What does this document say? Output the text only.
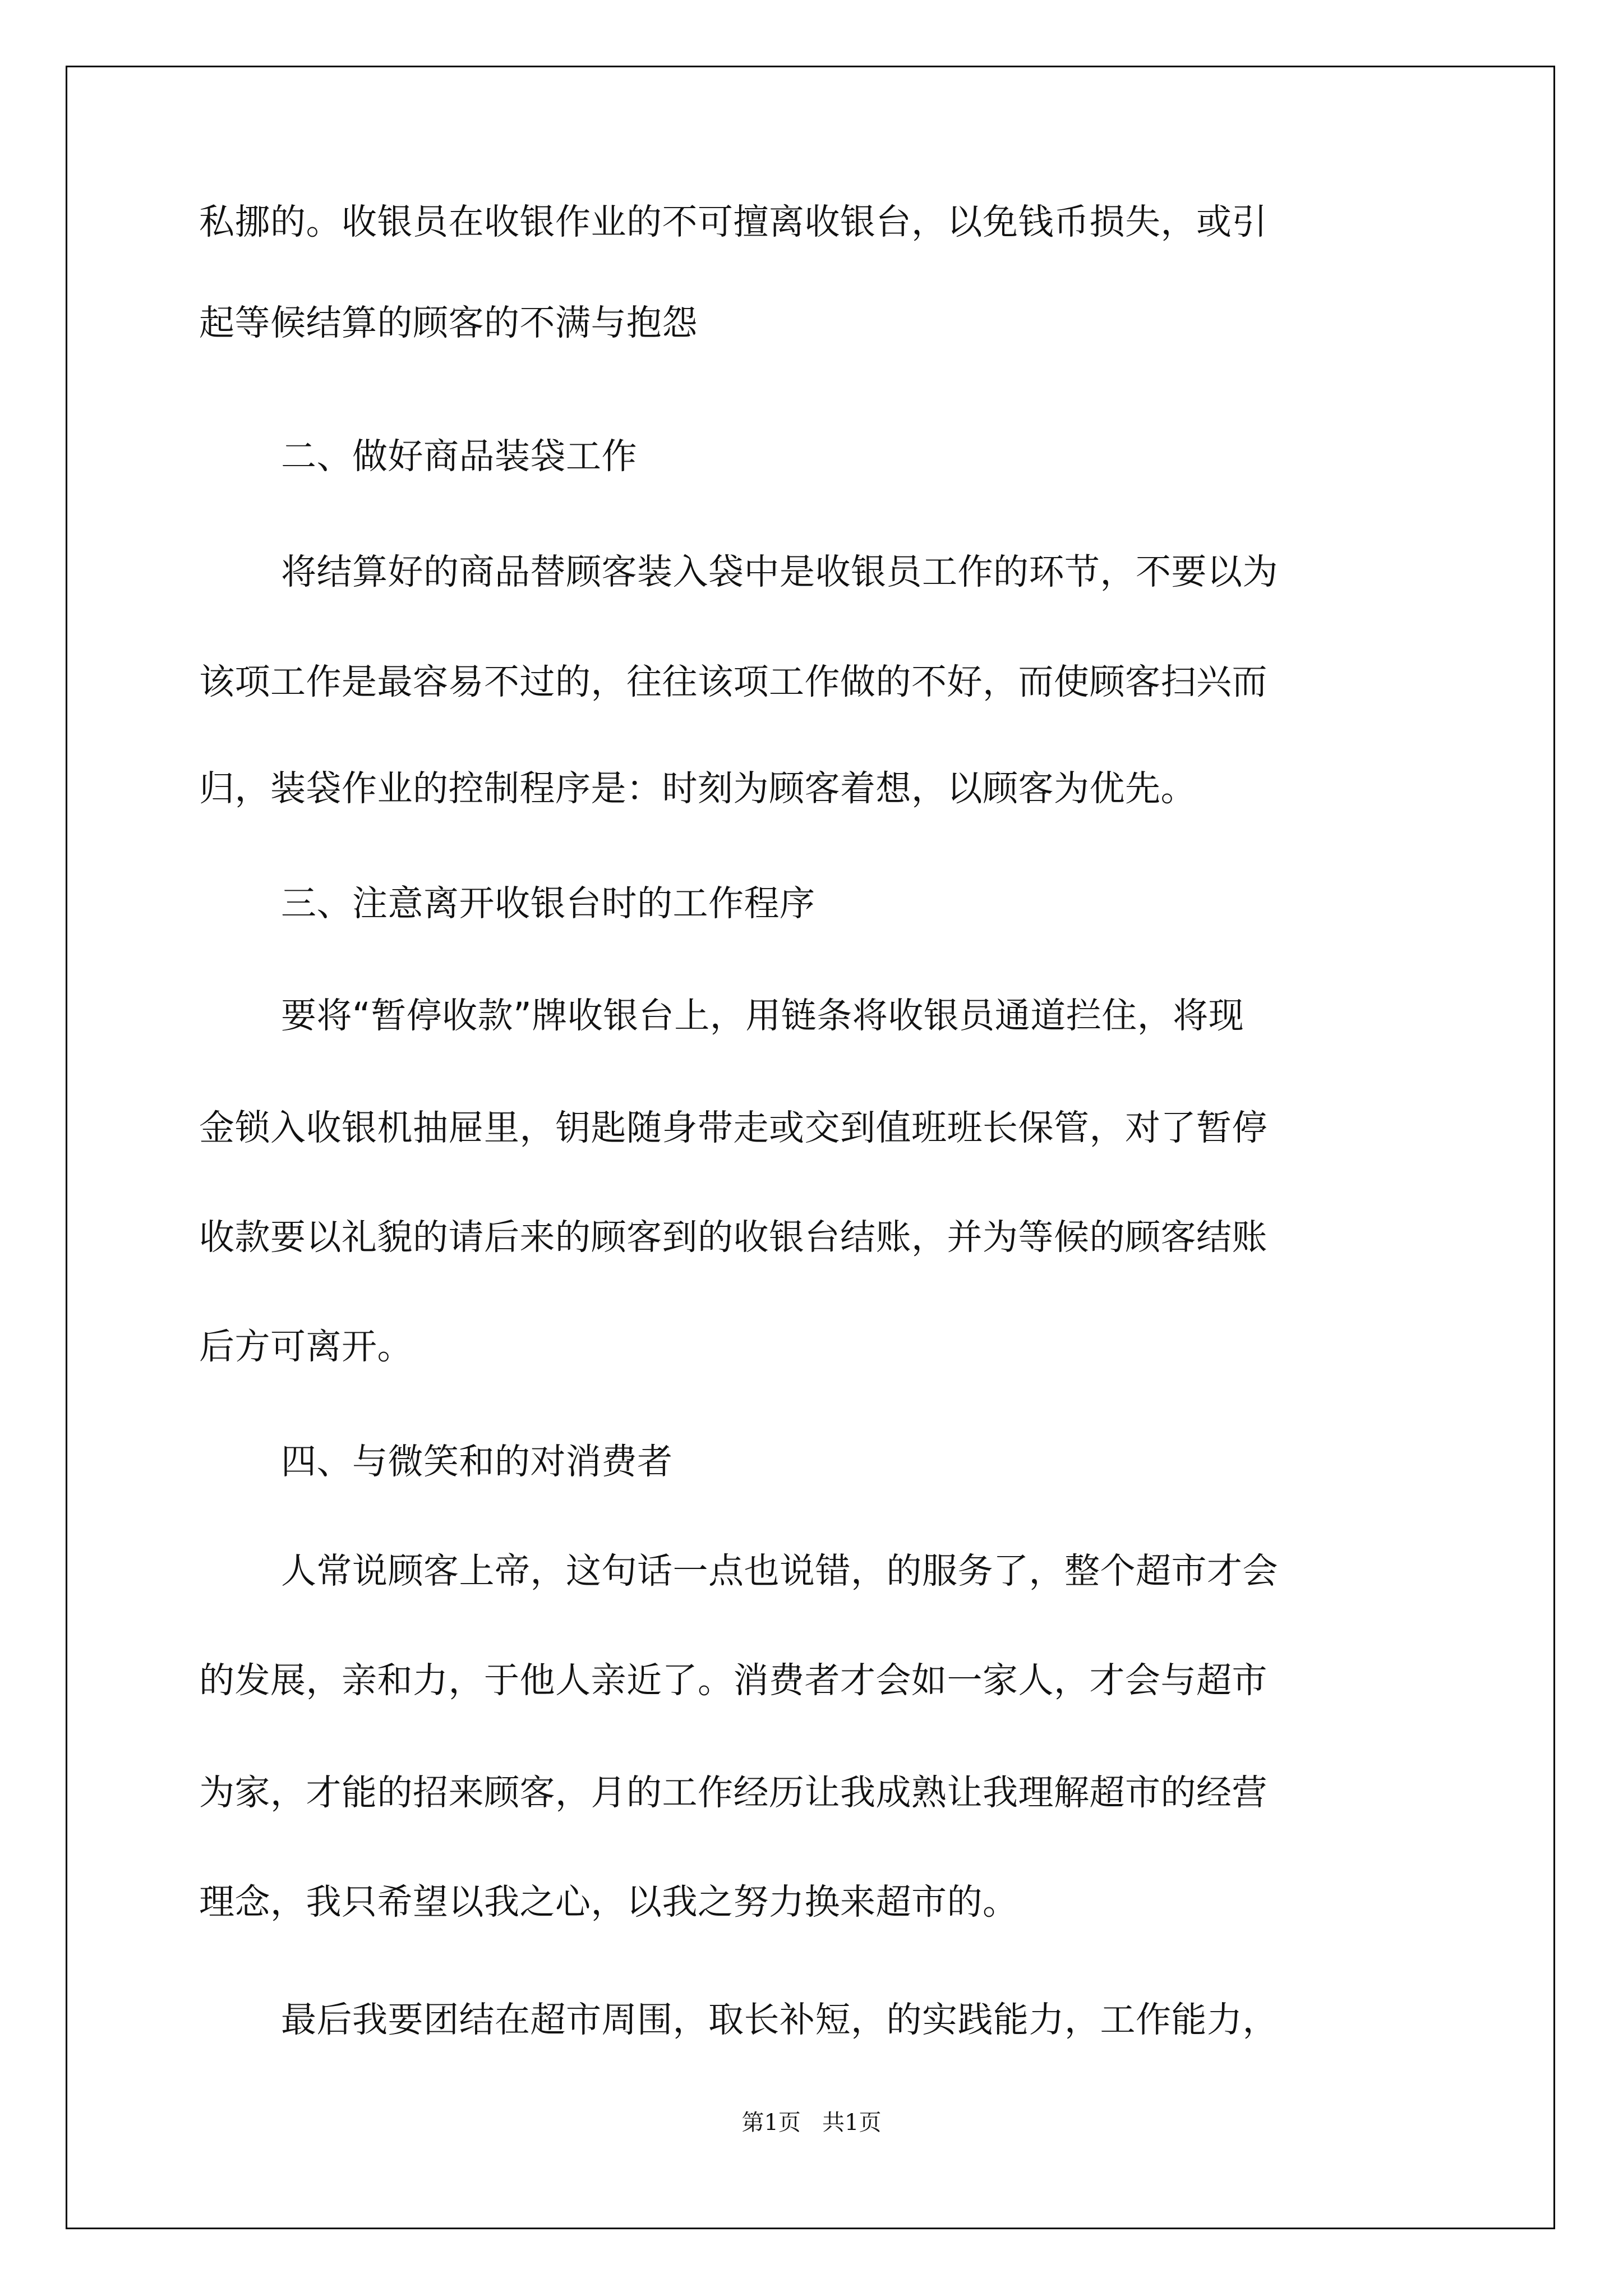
私挪的。收银员在收银作业的不可擅离收银台，以免钱币损失，或引
起等候结算的顾客的不满与抱怨
二、做好商品装袋工作
将结算好的商品替顾客装入袋中是收银员工作的环节，不要以为
该项工作是最容易不过的，往往该项工作做的不好，而使顾客扫兴而
归，装袋作业的控制程序是：时刻为顾客着想，以顾客为优先。
三、注意离开收银台时的工作程序
要将“暂停收款”牌收银台上，用链条将收银员通道拦住，将现
金锁入收银机抽屉里，钥匙随身带走或交到值班班长保管，对了暂停
收款要以礼貌的请后来的顾客到的收银台结账，并为等候的顾客结账
后方可离开。
四、与微笑和的对消费者
人常说顾客上帝，这句话一点也说错，的服务了，整个超市才会
的发展，亲和力，于他人亲近了。消费者才会如一家人，才会与超市
为家，才能的招来顾客，月的工作经历让我成熟让我理解超市的经营
理念，我只希望以我之心，以我之努力换来超市的。
最后我要团结在超市周围，取长补短，的实践能力，工作能力，
第1页   共1页
